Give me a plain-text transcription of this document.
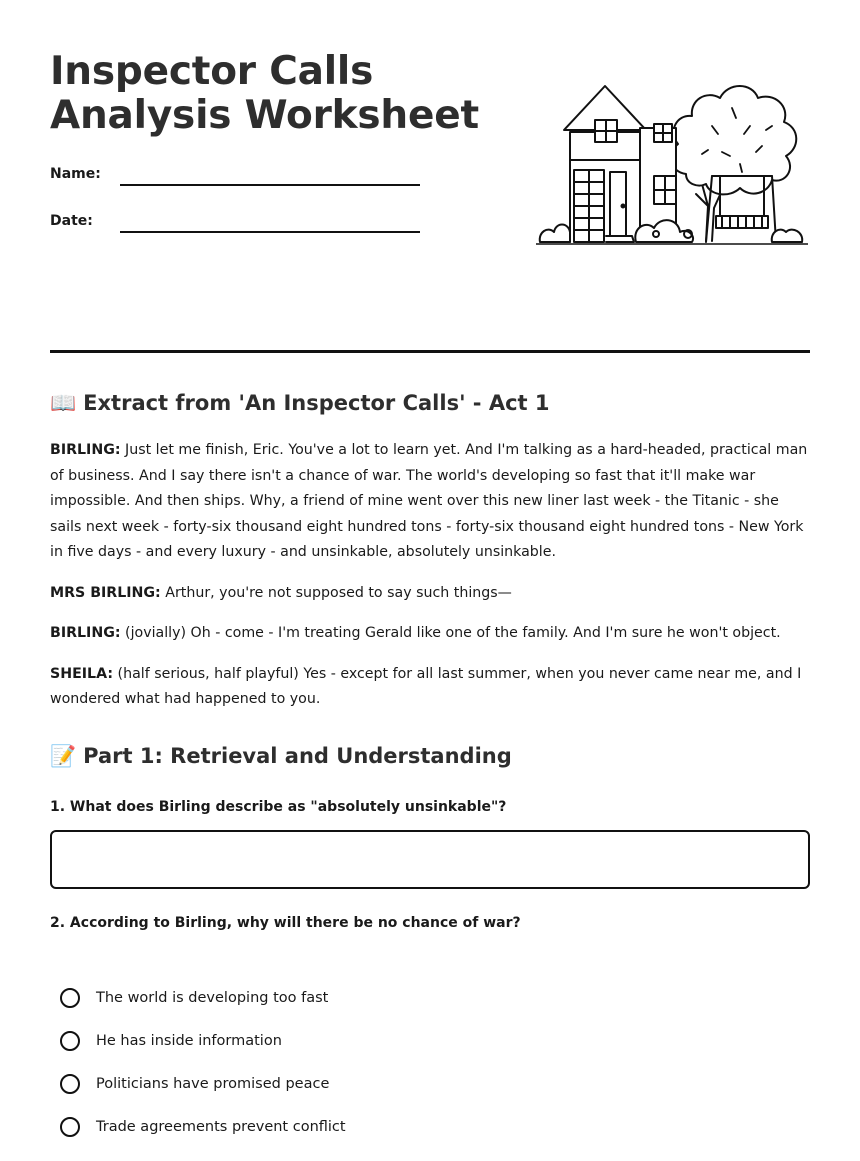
Inspector Calls Analysis Worksheet
Name:
Date:
📖 Extract from 'An Inspector Calls' - Act 1

BIRLING: Just let me finish, Eric. You've a lot to learn yet. And I'm talking as a hard-headed, practical man of business. And I say there isn't a chance of war. The world's developing so fast that it'll make war impossible. And then ships. Why, a friend of mine went over this new liner last week - the Titanic - she sails next week - forty-six thousand eight hundred tons - forty-six thousand eight hundred tons - New York in five days - and every luxury - and unsinkable, absolutely unsinkable.

MRS BIRLING: Arthur, you're not supposed to say such things—

BIRLING: (jovially) Oh - come - I'm treating Gerald like one of the family. And I'm sure he won't object.

SHEILA: (half serious, half playful) Yes - except for all last summer, when you never came near me, and I wondered what had happened to you.

📝 Part 1: Retrieval and Understanding

1. What does Birling describe as "absolutely unsinkable"?

2. According to Birling, why will there be no chance of war?

The world is developing too fast
He has inside information
Politicians have promised peace
Trade agreements prevent conflict
